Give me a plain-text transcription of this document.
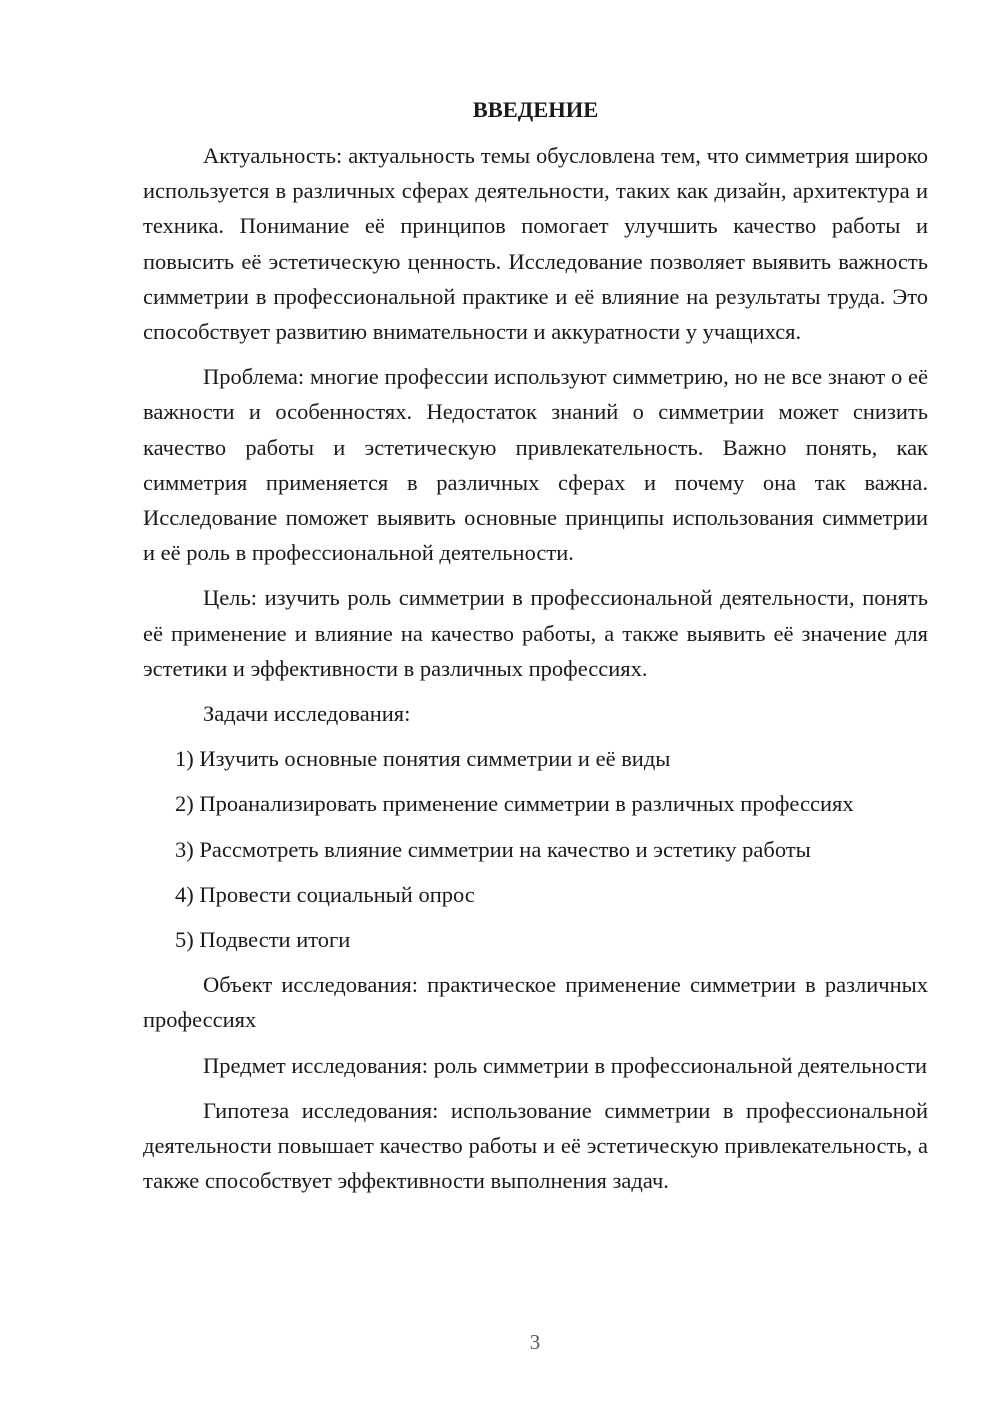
ВВЕДЕНИЕ

Актуальность: актуальность темы обусловлена тем, что симметрия широко используется в различных сферах деятельности, таких как дизайн, архитектура и техника. Понимание её принципов помогает улучшить качество работы и повысить её эстетическую ценность. Исследование позволяет выявить важность симметрии в профессиональной практике и её влияние на результаты труда. Это способствует развитию внимательности и аккуратности у учащихся.

Проблема: многие профессии используют симметрию, но не все знают о её важности и особенностях. Недостаток знаний о симметрии может снизить качество работы и эстетическую привлекательность. Важно понять, как симметрия применяется в различных сферах и почему она так важна. Исследование поможет выявить основные принципы использования симметрии и её роль в профессиональной деятельности.

Цель: изучить роль симметрии в профессиональной деятельности, понять её применение и влияние на качество работы, а также выявить её значение для эстетики и эффективности в различных профессиях.

Задачи исследования:

1) Изучить основные понятия симметрии и её виды
2) Проанализировать применение симметрии в различных профессиях
3) Рассмотреть влияние симметрии на качество и эстетику работы
4) Провести социальный опрос
5) Подвести итоги

Объект исследования: практическое применение симметрии в различных профессиях

Предмет исследования: роль симметрии в профессиональной деятельности

Гипотеза исследования: использование симметрии в профессиональной деятельности повышает качество работы и её эстетическую привлекательность, а также способствует эффективности выполнения задач.

3
